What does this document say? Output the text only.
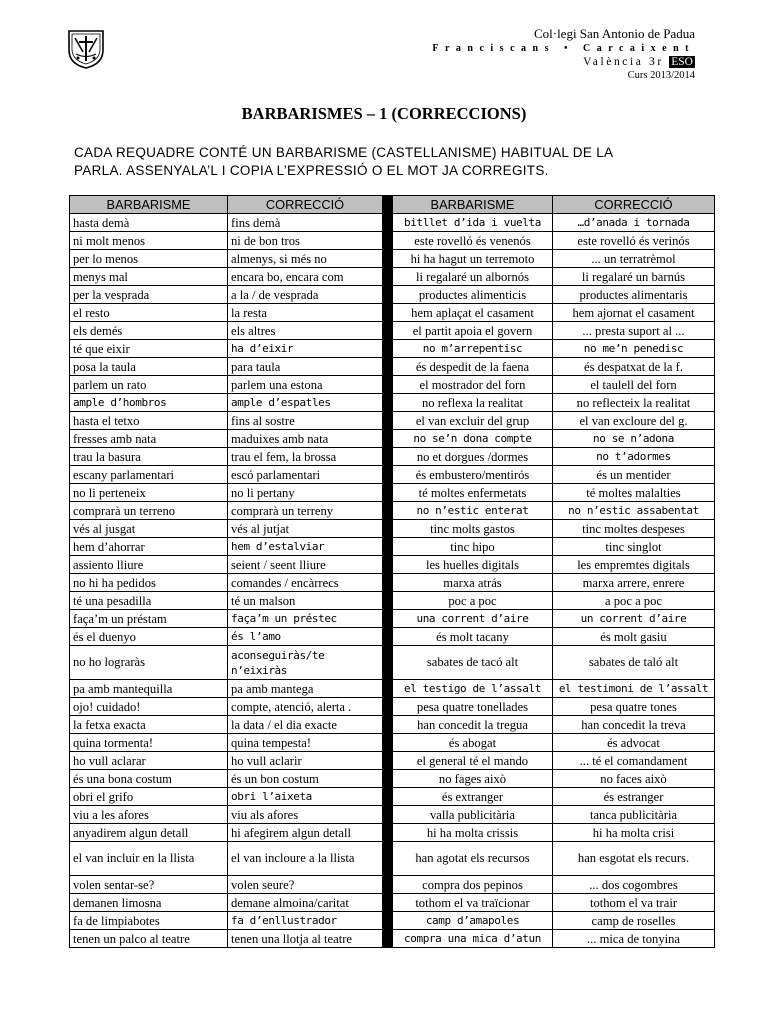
Col·legi San Antonio de Padua
Franciscans • Carcaixent
València 3r ESO
Curs 2013/2014
BARBARISMES – 1 (CORRECCIONS)
CADA REQUADRE CONTÉ UN BARBARISME (CASTELLANISME) HABITUAL DE LA
PARLA. ASSENYALA’L I COPIA L’EXPRESSIÓ O EL MOT JA CORREGITS.
BARBARISME	CORRECCIÓ		BARBARISME	CORRECCIÓ
hasta demà	fins demà		bitllet d’ida i vuelta	…d’anada i tornada
ni molt menos	ni de bon tros		este rovelló és venenós	este rovelló és verinós
per lo menos	almenys, si més no		hi ha hagut un terremoto	... un terratrèmol
menys mal	encara bo, encara com		li regalaré un albornós	li regalaré un barnús
per la vesprada	a la / de vesprada		productes alimenticis	productes alimentaris
el resto	la resta		hem aplaçat el casament	hem ajornat el casament
els demés	els altres		el partit apoia el govern	... presta suport al ...
té que eixir	ha d’eixir		no m’arrepentisc	no me’n penedisc
posa la taula	para taula		és despedit de la faena	és despatxat de la f.
parlem un rato	parlem una estona		el mostrador del forn	el taulell del forn
ample d’hombros	ample d’espatles		no reflexa la realitat	no reflecteix la realitat
hasta el tetxo	fins al sostre		el van excluir del grup	el van excloure del g.
fresses amb nata	maduixes amb nata		no se’n dona compte	no se n’adona
trau la basura	trau el fem, la brossa		no et dorgues /dormes	no t’adormes
escany parlamentari	escó parlamentari		és embustero/mentirós	és un mentider
no li perteneix	no li pertany		té moltes enfermetats	té moltes malalties
comprarà un terreno	comprarà un terreny		no n’estic enterat	no n’estic assabentat
vés al jusgat	vés al jutjat		tinc molts gastos	tinc moltes despeses
hem d’ahorrar	hem d’estalviar		tinc hipo	tinc singlot
assiento lliure	seient / seent lliure		les huelles digitals	les empremtes digitals
no hi ha pedidos	comandes / encàrrecs		marxa atrás	marxa arrere, enrere
té una pesadilla	té un malson		poc a poc	a poc a poc
faça’m un préstam	faça’m un préstec		una corrent d’aire	un corrent d’aire
és el duenyo	és l’amo		és molt tacany	és molt gasiu
no ho lograràs	aconseguiràs/te n’eixiràs		sabates de tacó alt	sabates de taló alt
pa amb mantequilla	pa amb mantega		el testigo de l’assalt	el testimoni de l’assalt
ojo! cuidado!	compte, atenció, alerta .		pesa quatre tonellades	pesa quatre tones
la fetxa exacta	la data / el dia exacte		han concedit la tregua	han concedit la treva
quina tormenta!	quina tempesta!		és abogat	és advocat
ho vull aclarar	ho vull aclarir		el general té el mando	... té el comandament
és una bona costum	és un bon costum		no fages això	no faces això
obri el grifo	obri l’aixeta		és extranger	és estranger
viu a les afores	viu als afores		valla publicitària	tanca publicitària
anyadirem algun detall	hi afegirem algun detall		hi ha molta crissis	hi ha molta crisi
el van incluir en la llista	el van incloure a la llista		han agotat els recursos	han esgotat els recurs.
volen sentar-se?	volen seure?		compra dos pepinos	... dos cogombres
demanen limosna	demane almoina/caritat		tothom el va traïcionar	tothom el va trair
fa de limpiabotes	fa d’enllustrador		camp d’amapoles	camp de roselles
tenen un palco al teatre	tenen una llotja al teatre		compra una mica d’atun	... mica de tonyina
